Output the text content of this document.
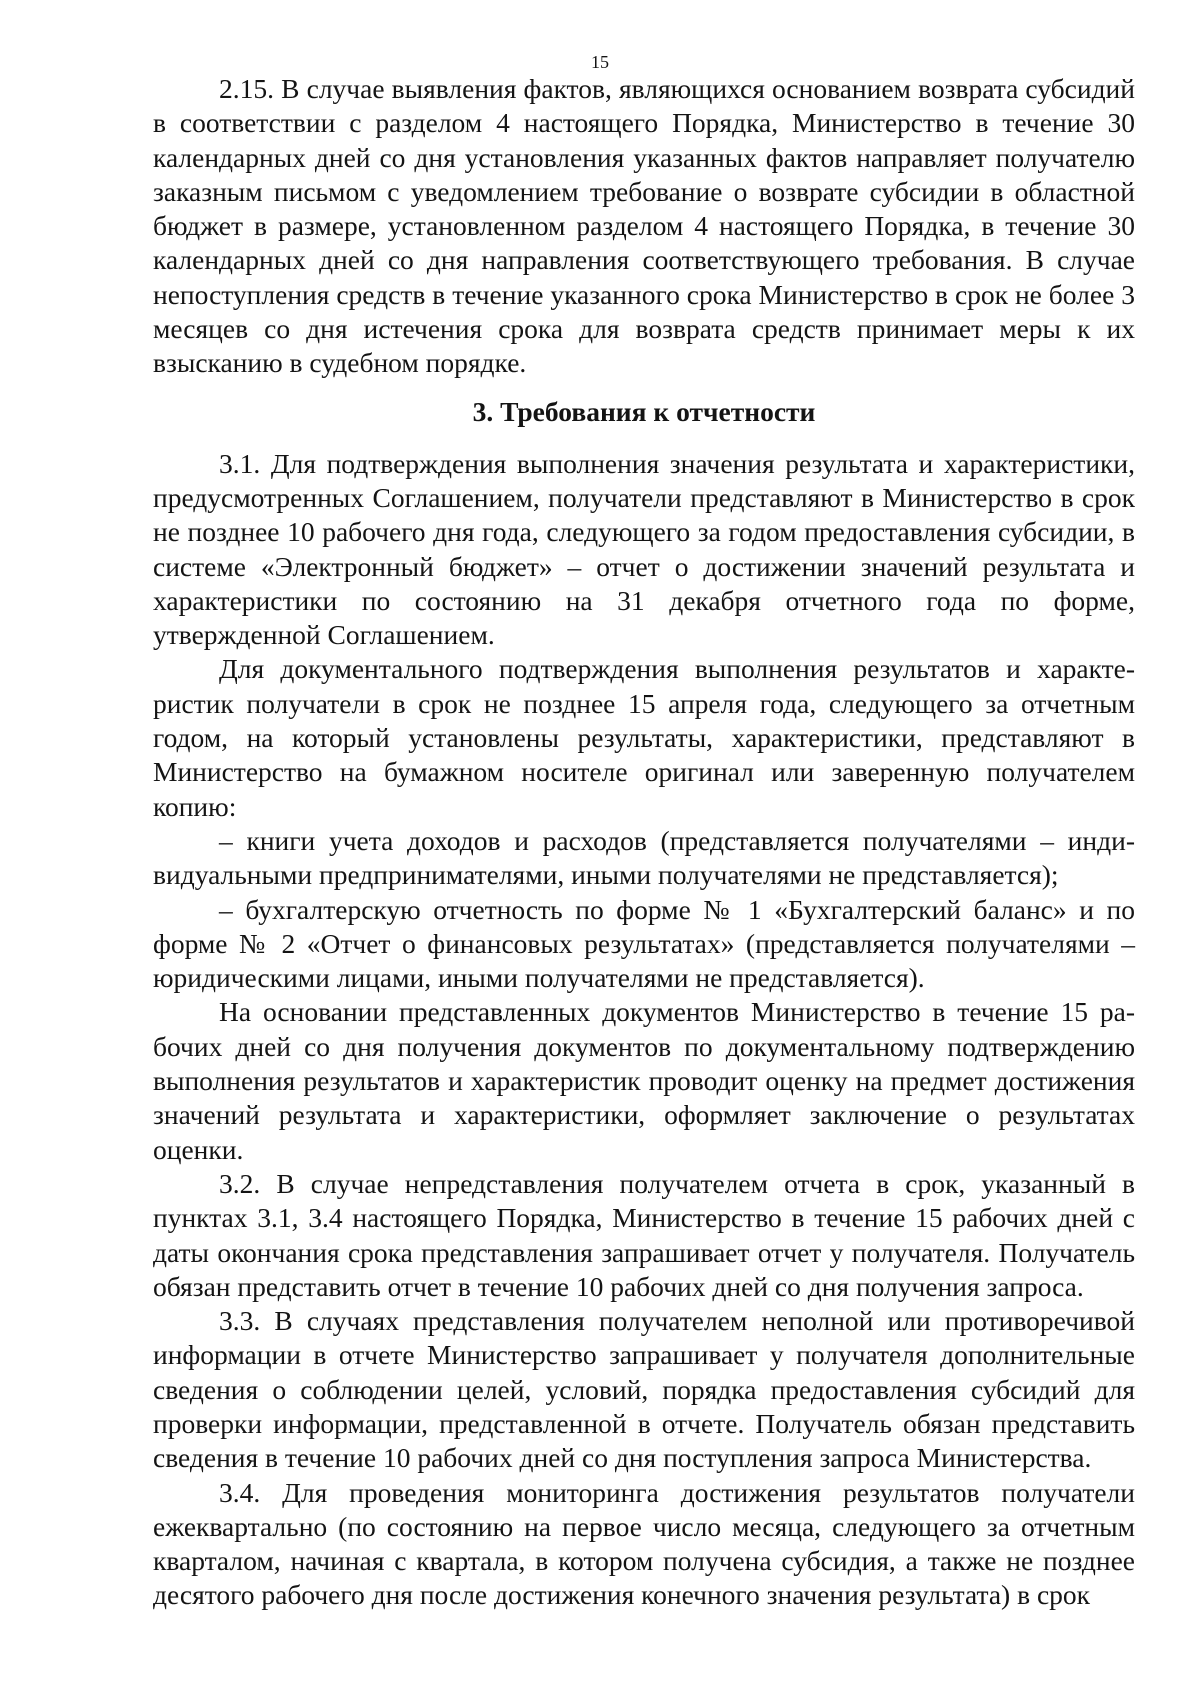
15

2.15. В случае выявления фактов, являющихся основанием возврата субсидий в соответствии с разделом 4 настоящего Порядка, Министерство в течение 30 календарных дней со дня установления указанных фактов направляет получателю заказным письмом с уведомлением требование о возврате субсидии в областной бюджет в размере, установленном разделом 4 настоящего Порядка, в течение 30 календарных дней со дня направления соответствующего требования. В случае непоступления средств в течение указанного срока Министерство в срок не более 3 месяцев со дня истечения срока для возврата средств принимает меры к их взысканию в судебном порядке.

3. Требования к отчетности

3.1. Для подтверждения выполнения значения результата и характеристики, предусмотренных Соглашением, получатели представляют в Министерство в срок не позднее 10 рабочего дня года, следующего за годом предоставления субсидии, в системе «Электронный бюджет» – отчет о достижении значений результата и характеристики по состоянию на 31 декабря отчетного года по форме, утвержденной Соглашением.

Для документального подтверждения выполнения результатов и характеристик получатели в срок не позднее 15 апреля года, следующего за отчетным годом, на который установлены результаты, характеристики, представляют в Министерство на бумажном носителе оригинал или заверенную получателем копию:

– книги учета доходов и расходов (представляется получателями – индивидуальными предпринимателями, иными получателями не представляется);

– бухгалтерскую отчетность по форме № 1 «Бухгалтерский баланс» и по форме № 2 «Отчет о финансовых результатах» (представляется получателями – юридическими лицами, иными получателями не представляется).

На основании представленных документов Министерство в течение 15 рабочих дней со дня получения документов по документальному подтверждению выполнения результатов и характеристик проводит оценку на предмет достижения значений результата и характеристики, оформляет заключение о результатах оценки.

3.2. В случае непредставления получателем отчета в срок, указанный в пунктах 3.1, 3.4 настоящего Порядка, Министерство в течение 15 рабочих дней с даты окончания срока представления запрашивает отчет у получателя. Получатель обязан представить отчет в течение 10 рабочих дней со дня получения запроса.

3.3. В случаях представления получателем неполной или противоречивой информации в отчете Министерство запрашивает у получателя дополнительные сведения о соблюдении целей, условий, порядка предоставления субсидий для проверки информации, представленной в отчете. Получатель обязан представить сведения в течение 10 рабочих дней со дня поступления запроса Министерства.

3.4. Для проведения мониторинга достижения результатов получатели ежеквартально (по состоянию на первое число месяца, следующего за отчетным кварталом, начиная с квартала, в котором получена субсидия, а также не позднее десятого рабочего дня после достижения конечного значения результата) в срок
